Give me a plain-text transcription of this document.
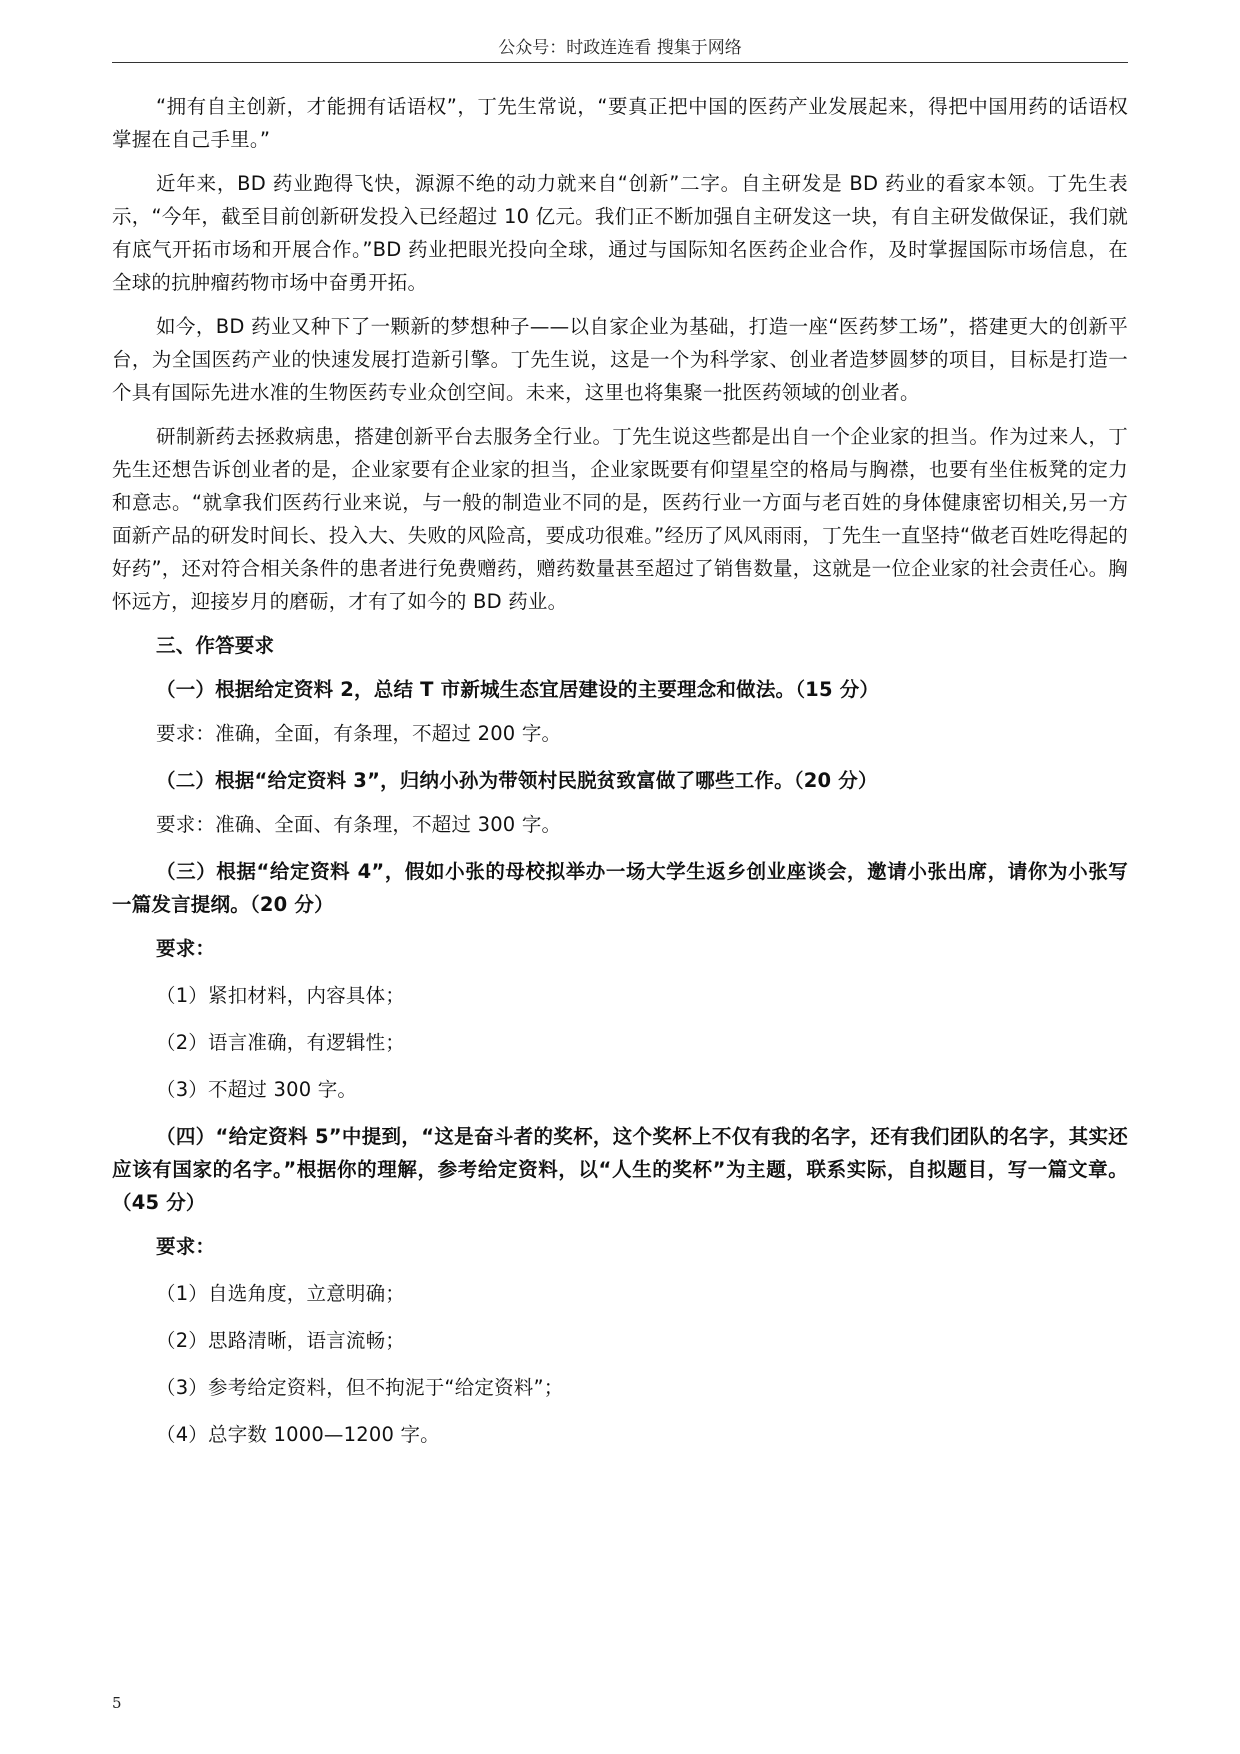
公众号：时政连连看 搜集于网络

“拥有自主创新，才能拥有话语权”，丁先生常说，“要真正把中国的医药产业发展起来，得把中国用药的话语权掌握在自己手里。”

近年来，BD 药业跑得飞快，源源不绝的动力就来自“创新”二字。自主研发是 BD 药业的看家本领。丁先生表示，“今年，截至目前创新研发投入已经超过 10 亿元。我们正不断加强自主研发这一块，有自主研发做保证，我们就有底气开拓市场和开展合作。”BD 药业把眼光投向全球，通过与国际知名医药企业合作，及时掌握国际市场信息，在全球的抗肿瘤药物市场中奋勇开拓。

如今，BD 药业又种下了一颗新的梦想种子——以自家企业为基础，打造一座“医药梦工场”，搭建更大的创新平台，为全国医药产业的快速发展打造新引擎。丁先生说，这是一个为科学家、创业者造梦圆梦的项目，目标是打造一个具有国际先进水准的生物医药专业众创空间。未来，这里也将集聚一批医药领域的创业者。

研制新药去拯救病患，搭建创新平台去服务全行业。丁先生说这些都是出自一个企业家的担当。作为过来人，丁先生还想告诉创业者的是，企业家要有企业家的担当，企业家既要有仰望星空的格局与胸襟，也要有坐住板凳的定力和意志。“就拿我们医药行业来说，与一般的制造业不同的是，医药行业一方面与老百姓的身体健康密切相关,另一方面新产品的研发时间长、投入大、失败的风险高，要成功很难。”经历了风风雨雨，丁先生一直坚持“做老百姓吃得起的好药”，还对符合相关条件的患者进行免费赠药，赠药数量甚至超过了销售数量，这就是一位企业家的社会责任心。胸怀远方，迎接岁月的磨砺，才有了如今的 BD 药业。

三、作答要求

（一）根据给定资料 2，总结 T 市新城生态宜居建设的主要理念和做法。（15 分）

要求：准确，全面，有条理，不超过 200 字。

（二）根据“给定资料 3”，归纳小孙为带领村民脱贫致富做了哪些工作。（20 分）

要求：准确、全面、有条理，不超过 300 字。

（三）根据“给定资料 4”，假如小张的母校拟举办一场大学生返乡创业座谈会，邀请小张出席，请你为小张写一篇发言提纲。（20 分）

要求：

（1）紧扣材料，内容具体；

（2）语言准确，有逻辑性；

（3）不超过 300 字。

（四）“给定资料 5”中提到，“这是奋斗者的奖杯，这个奖杯上不仅有我的名字，还有我们团队的名字，其实还应该有国家的名字。”根据你的理解，参考给定资料，以“人生的奖杯”为主题，联系实际，自拟题目，写一篇文章。（45 分）

要求：

（1）自选角度，立意明确；

（2）思路清晰，语言流畅；

（3）参考给定资料，但不拘泥于“给定资料”；

（4）总字数 1000—1200 字。

5
